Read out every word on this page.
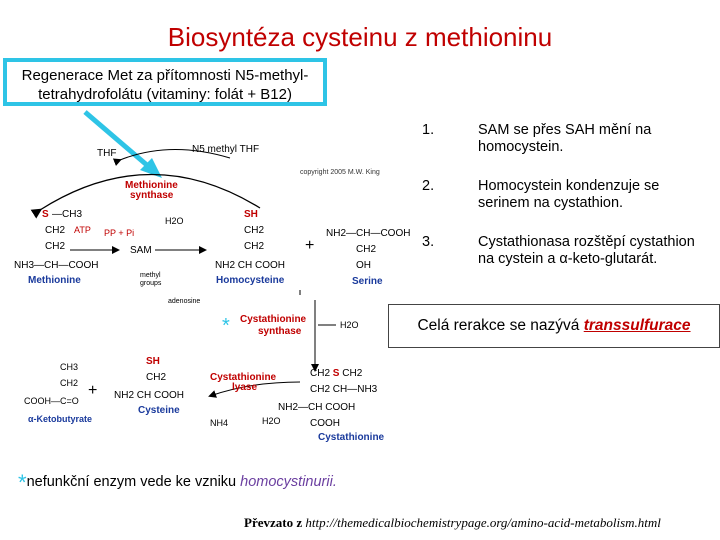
Biosyntéza cysteinu z methioninu
Regenerace Met za přítomnosti N5-methyl-
tetrahydrofolátu (vitaminy: folát + B12)
THF	N5 methyl THF
copyright 2005 M.W. King
Methionine
synthase
S —CH3
CH2
CH2
NH3—CH—COOH
Methionine
ATP PP + Pi
SAM
H2O
methyl
groups
adenosine
SH
CH2
CH2
NH2 CH COOH
Homocysteine
+
NH2—CH—COOH
CH2
OH
Serine
* Cystathionine
synthase
H2O
CH2 S CH2
CH2 CH—NH3
NH2—CH COOH
COOH
Cystathionine
Cystathionine
lyase
H2O
NH4
SH
CH2
NH2 CH COOH
Cysteine
+
CH3
CH2
COOH—C=O
α-Ketobutyrate
1.	SAM se přes SAH mění na homocystein.
2.	Homocystein kondenzuje se serinem na cystathion.
3.	Cystathionasa rozštěpí cystathion na cystein a α-keto-glutarát.
Celá rerakce se nazývá transsulfurace
*nefunkční enzym vede ke vzniku homocystinurii.
Převzato z http://themedicalbiochemistrypage.org/amino-acid-metabolism.html
